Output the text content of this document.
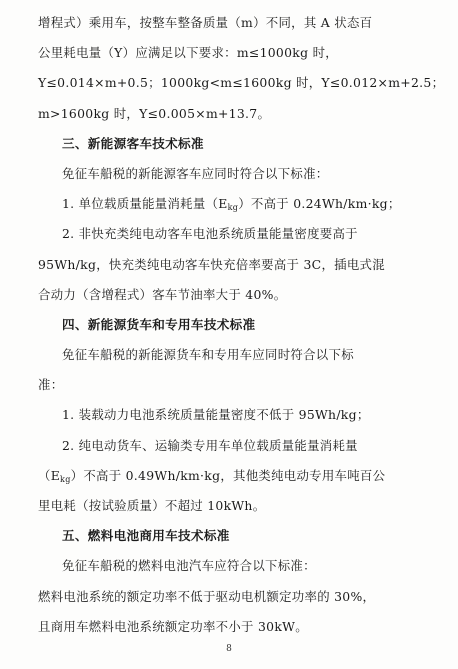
增程式）乘用车，按整车整备质量（m）不同，其 A 状态百
公里耗电量（Y）应满足以下要求：m≤1000kg 时，
Y≤0.014×m+0.5；1000kg<m≤1600kg 时，Y≤0.012×m+2.5；
m>1600kg 时，Y≤0.005×m+13.7。
三、新能源客车技术标准
免征车船税的新能源客车应同时符合以下标准：
1. 单位载质量能量消耗量$(E_{kg})$不高于 0.24Wh/km·kg；
2. 非快充类纯电动客车电池系统质量能量密度要高于
95Wh/kg，快充类纯电动客车快充倍率要高于 3C，插电式混
合动力（含增程式）客车节油率大于 40%。
四、新能源货车和专用车技术标准
免征车船税的新能源货车和专用车应同时符合以下标
准：
1. 装载动力电池系统质量能量密度不低于 95Wh/kg；
2. 纯电动货车、运输类专用车单位载质量能量消耗量
$(E_{kg})$不高于 0.49Wh/km·kg，其他类纯电动专用车吨百公
里电耗（按试验质量）不超过 10kWh。
五、燃料电池商用车技术标准
免征车船税的燃料电池汽车应符合以下标准：
燃料电池系统的额定功率不低于驱动电机额定功率的 30%，
且商用车燃料电池系统额定功率不小于 30kW。
8
